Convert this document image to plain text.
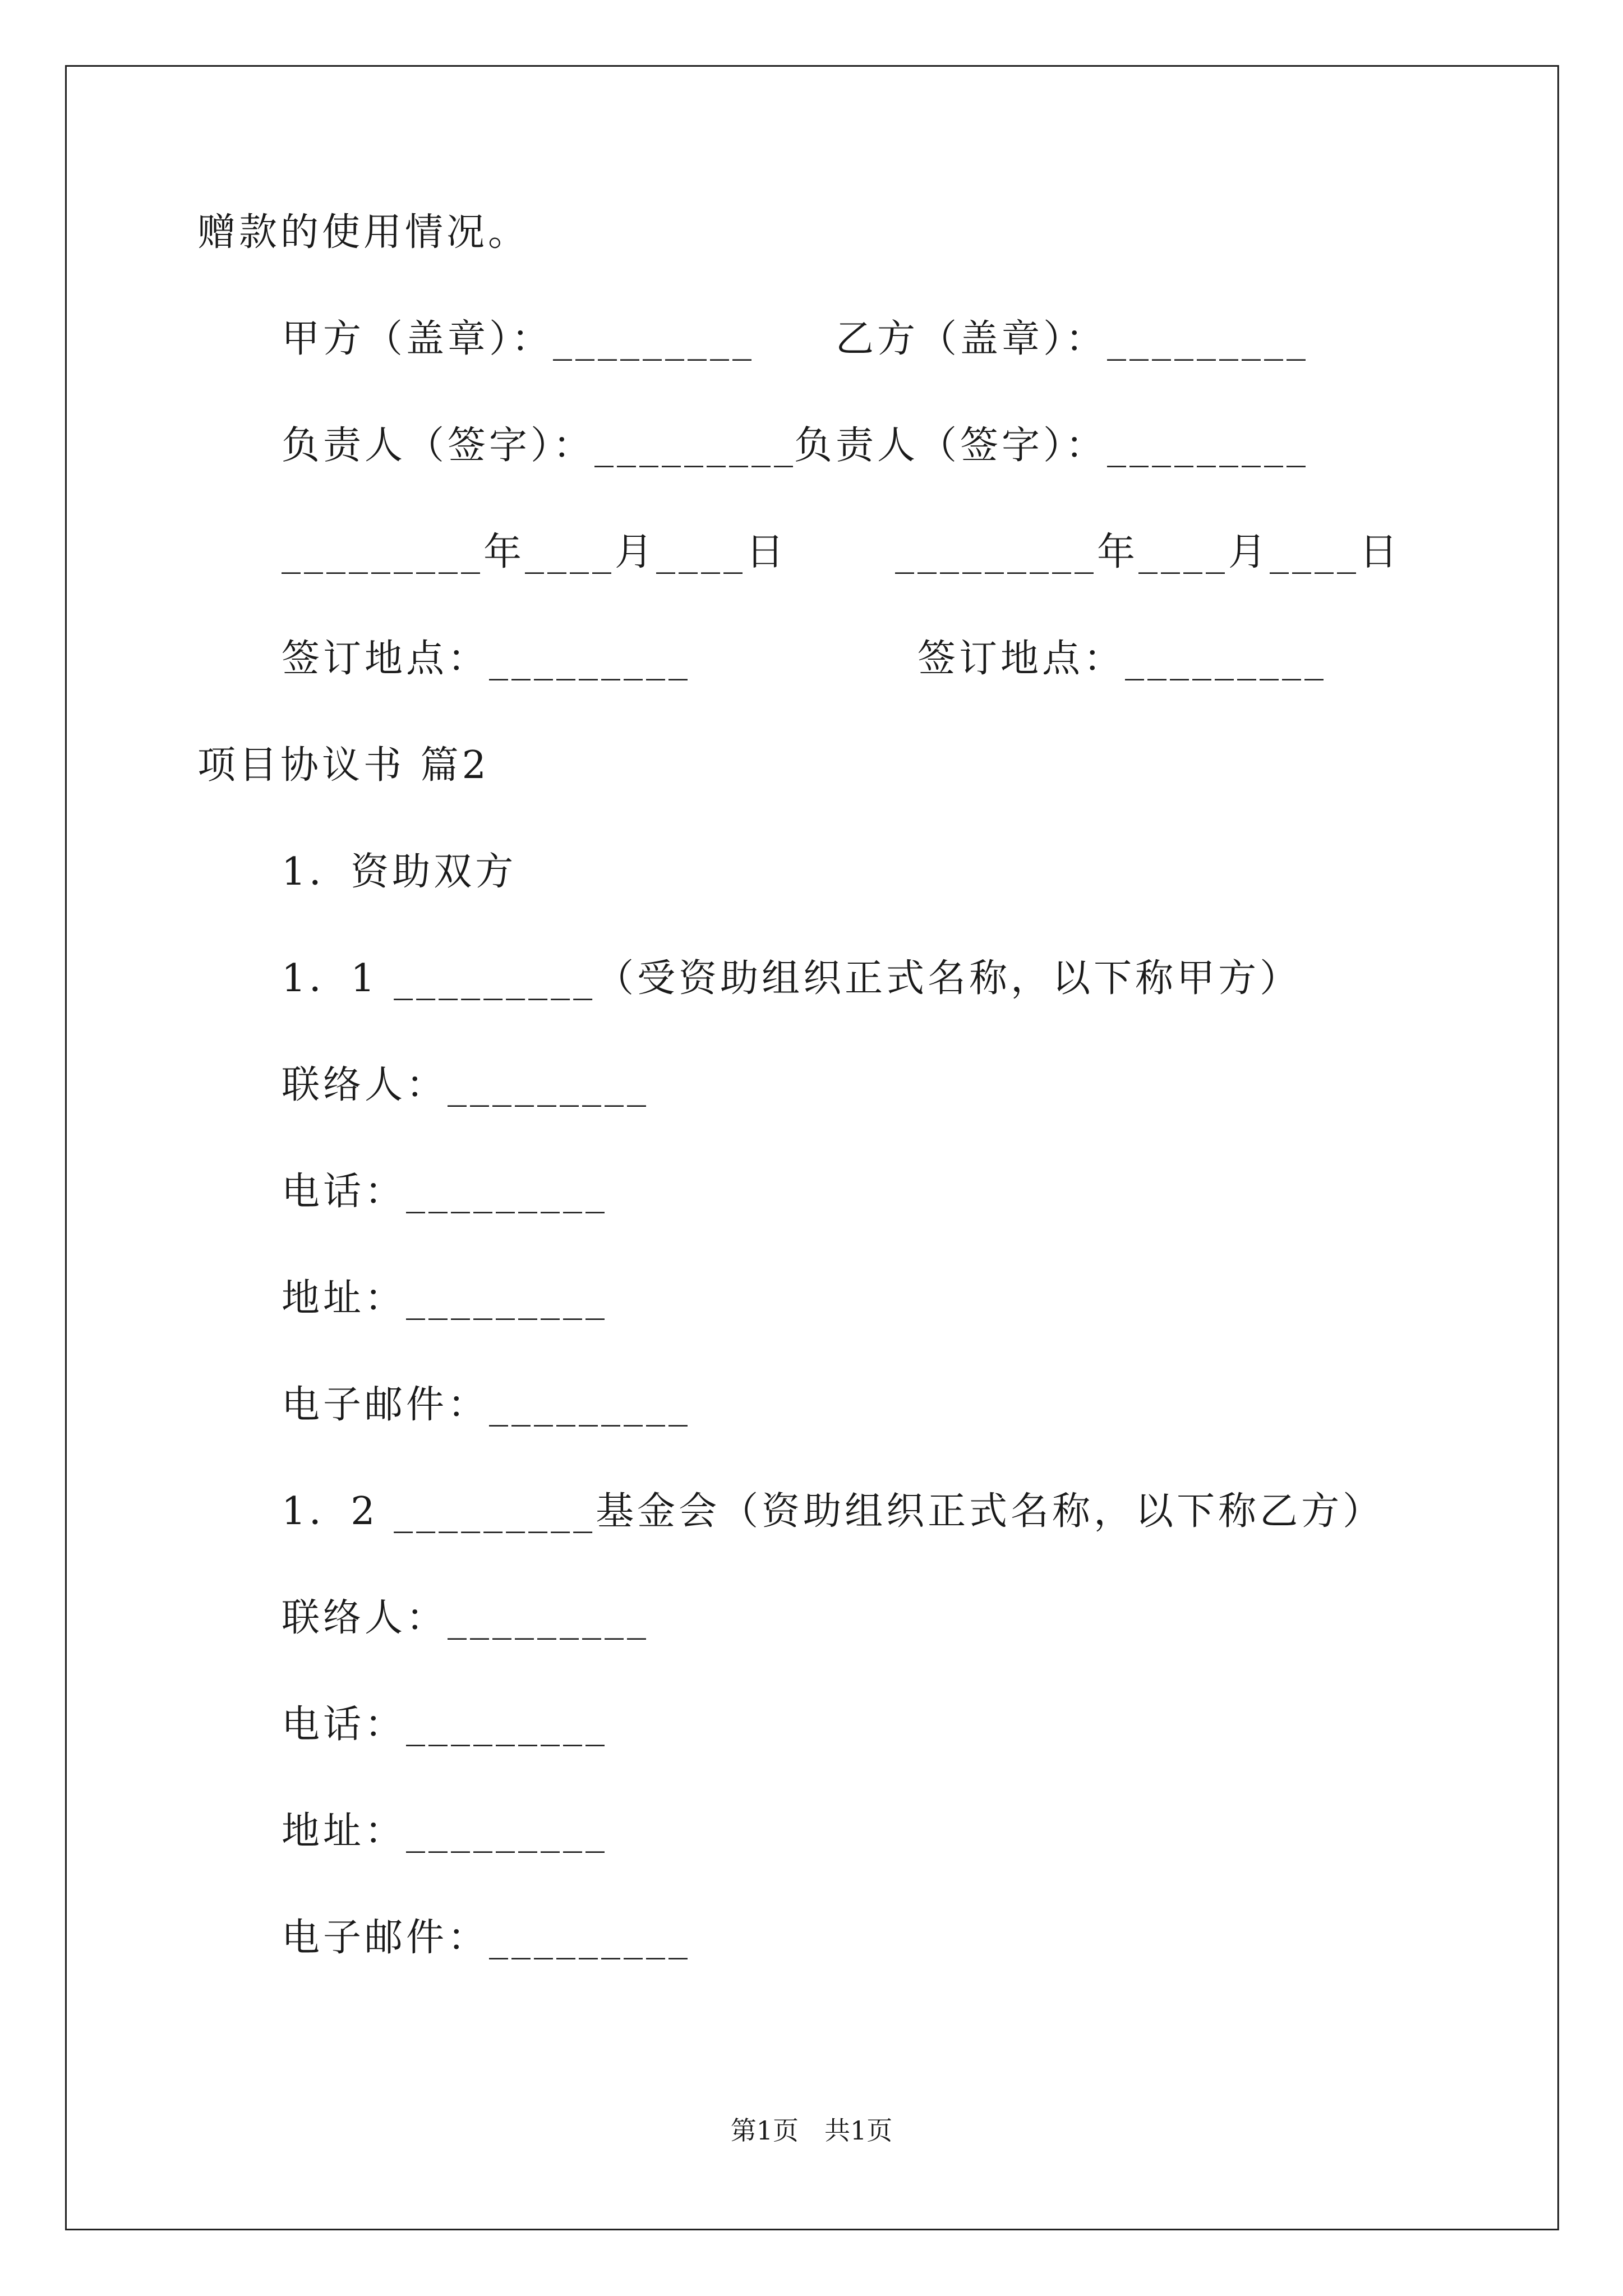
赠款的使用情况。
甲方（盖章）：_________ 乙方（盖章）：_________
负责人（签字）：_________
负责人（签字）：_________
_________年____月____日	_________年____月____日
签订地点：_________	签订地点：_________
项目协议书 篇2
1．资助双方
1．1 _________（受资助组织正式名称，以下称甲方）
联络人：_________
电话：_________
地址：_________
电子邮件：_________
1．2 _________基金会（资助组织正式名称，以下称乙方）
联络人：_________
电话：_________
地址：_________
电子邮件：_________
第1页　共1页
